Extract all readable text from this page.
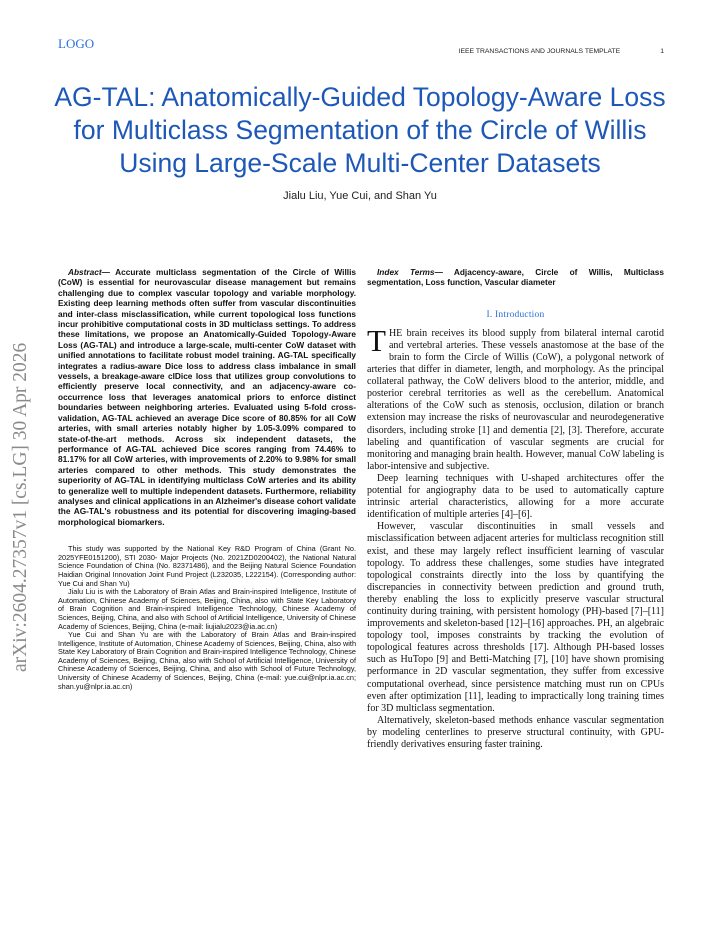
LOGO
IEEE TRANSACTIONS AND JOURNALS TEMPLATE	1
AG-TAL: Anatomically-Guided Topology-Aware Loss for Multiclass Segmentation of the Circle of Willis Using Large-Scale Multi-Center Datasets
Jialu Liu, Yue Cui, and Shan Yu
arXiv:2604.27357v1 [cs.LG] 30 Apr 2026

Abstract— Accurate multiclass segmentation of the Circle of Willis (CoW) is essential for neurovascular disease management but remains challenging due to complex vascular topology and variable morphology. Existing deep learning methods often suffer from vascular discontinuities and inter-class misclassification, while current topological loss functions incur prohibitive computational costs in 3D multiclass settings. To address these limitations, we propose an Anatomically-Guided Topology-Aware Loss (AG-TAL) and introduce a large-scale, multi-center CoW dataset with unified annotations to facilitate robust model training. AG-TAL specifically integrates a radius-aware Dice loss to address class imbalance in small vessels, a breakage-aware clDice loss that utilizes group convolutions to efficiently preserve local connectivity, and an adjacency-aware co-occurrence loss that leverages anatomical priors to enforce distinct boundaries between neighboring arteries. Evaluated using 5-fold cross-validation, AG-TAL achieved an average Dice score of 80.85% for all CoW arteries, with small arteries notably higher by 1.05-3.09% compared to state-of-the-art methods. Across six independent datasets, the performance of AG-TAL achieved Dice scores ranging from 74.46% to 81.17% for all CoW arteries, with improvements of 2.20% to 9.98% for small arteries compared to other methods. This study demonstrates the superiority of AG-TAL in identifying multiclass CoW arteries and its ability to generalize well to multiple independent datasets. Furthermore, reliability analyses and clinical applications in an Alzheimer's disease cohort validate the AG-TAL's robustness and its potential for discovering imaging-based morphological biomarkers.

This study was supported by the National Key R&D Program of China (Grant No. 2025YFE0151200), STI 2030- Major Projects (No. 2021ZD0200402), the National Natural Science Foundation of China (No. 82371486), and the Beijing Natural Science Foundation Haidian Original Innovation Joint Fund Project (L232035, L222154). (Corresponding author: Yue Cui and Shan Yu)

Jialu Liu is with the Laboratory of Brain Atlas and Brain-inspired Intelligence, Institute of Automation, Chinese Academy of Sciences, Beijing, China, also with State Key Laboratory of Brain Cognition and Brain-inspired Intelligence Technology, Chinese Academy of Sciences, Beijing, China, and also with School of Artificial Intelligence, University of Chinese Academy of Sciences, Beijing, China (e-mail: liujialu2023@ia.ac.cn)

Yue Cui and Shan Yu are with the Laboratory of Brain Atlas and Brain-inspired Intelligence, Institute of Automation, Chinese Academy of Sciences, Beijing, China, also with State Key Laboratory of Brain Cognition and Brain-inspired Intelligence Technology, Chinese Academy of Sciences, Beijing, China, also with School of Artificial Intelligence, University of Chinese Academy of Sciences, Beijing, China, and also with School of Future Technology, University of Chinese Academy of Sciences, Beijing, China (e-mail: yue.cui@nlpr.ia.ac.cn; shan.yu@nlpr.ia.ac.cn)

Index Terms— Adjacency-aware, Circle of Willis, Multiclass segmentation, Loss function, Vascular diameter

I. Introduction

THE brain receives its blood supply from bilateral internal carotid and vertebral arteries. These vessels anastomose at the base of the brain to form the Circle of Willis (CoW), a polygonal network of arteries that differ in diameter, length, and morphology. As the principal collateral pathway, the CoW delivers blood to the anterior, middle, and posterior cerebral territories as well as the cerebellum. Anatomical alterations of the CoW such as stenosis, occlusion, dilation or branch extension may increase the risks of neurovascular and neurodegenerative disorders, including stroke [1] and dementia [2], [3]. Therefore, accurate labeling and quantification of vascular segments are crucial for monitoring and managing brain health. However, manual CoW labeling is labor-intensive and subjective.

Deep learning techniques with U-shaped architectures offer the potential for angiography data to be used to automatically capture intrinsic arterial characteristics, allowing for a more accurate identification of multiple arteries [4]–[6].

However, vascular discontinuities in small vessels and misclassification between adjacent arteries for multiclass recognition still exist, and these may largely reflect insufficient learning of vascular topology. To address these challenges, some studies have integrated topological constraints directly into the loss by quantifying the discrepancies in connectivity between prediction and ground truth, thereby enabling the loss to explicitly preserve vascular structural continuity during training, with persistent homology (PH)-based [7]–[11] improvements and skeleton-based [12]–[16] approaches. PH, an algebraic topology tool, imposes constraints by tracking the evolution of topological features across thresholds [17]. Although PH-based losses such as HuTopo [9] and Betti-Matching [7], [10] have shown promising performance in 2D vascular segmentation, they suffer from excessive computational overhead, since persistence matching must run on CPUs even after optimization [11], leading to impractically long training times for 3D multiclass segmentation.

Alternatively, skeleton-based methods enhance vascular segmentation by modeling centerlines to preserve structural continuity, with GPU-friendly derivatives ensuring faster training.
